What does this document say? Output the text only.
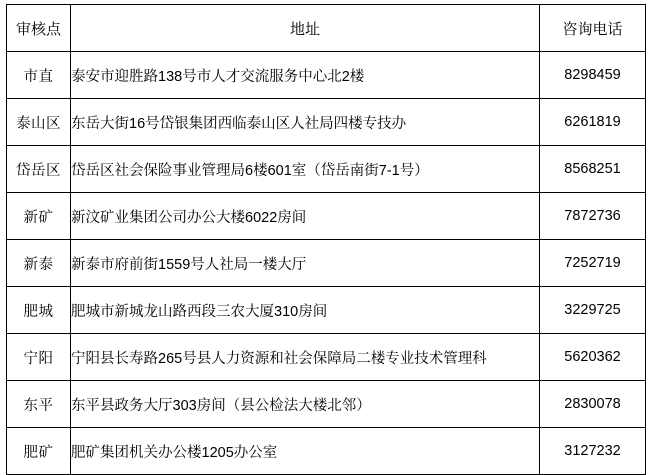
审核点	地址	咨询电话
市直	泰安市迎胜路138号市人才交流服务中心北2楼	8298459
泰山区	东岳大街16号岱银集团西临泰山区人社局四楼专技办	6261819
岱岳区	岱岳区社会保险事业管理局6楼601室（岱岳南街7-1号）	8568251
新矿	新汶矿业集团公司办公大楼6022房间	7872736
新泰	新泰市府前街1559号人社局一楼大厅	7252719
肥城	肥城市新城龙山路西段三农大厦310房间	3229725
宁阳	宁阳县长寿路265号县人力资源和社会保障局二楼专业技术管理科	5620362
东平	东平县政务大厅303房间（县公检法大楼北邻）	2830078
肥矿	肥矿集团机关办公楼1205办公室	3127232
